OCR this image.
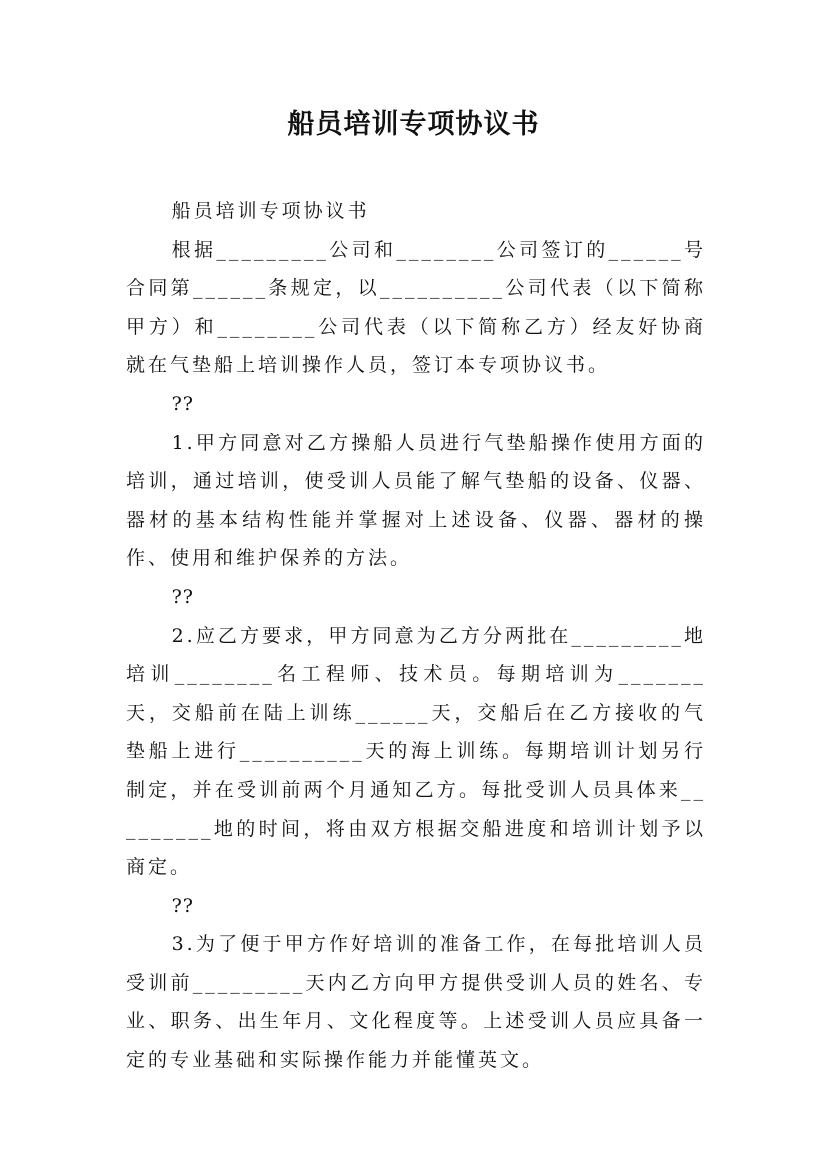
船员培训专项协议书

船员培训专项协议书

根据_________公司和________公司签订的______号合同第______条规定，以__________公司代表（以下简称甲方）和________公司代表（以下简称乙方）经友好协商就在气垫船上培训操作人员，签订本专项协议书。

??

1.甲方同意对乙方操船人员进行气垫船操作使用方面的培训，通过培训，使受训人员能了解气垫船的设备、仪器、器材的基本结构性能并掌握对上述设备、仪器、器材的操作、使用和维护保养的方法。

??

2.应乙方要求，甲方同意为乙方分两批在_________地培训________名工程师、技术员。每期培训为_______天，交船前在陆上训练______天，交船后在乙方接收的气垫船上进行__________天的海上训练。每期培训计划另行制定，并在受训前两个月通知乙方。每批受训人员具体来_________地的时间，将由双方根据交船进度和培训计划予以商定。

??

3.为了便于甲方作好培训的准备工作，在每批培训人员受训前_________天内乙方向甲方提供受训人员的姓名、专业、职务、出生年月、文化程度等。上述受训人员应具备一定的专业基础和实际操作能力并能懂英文。
